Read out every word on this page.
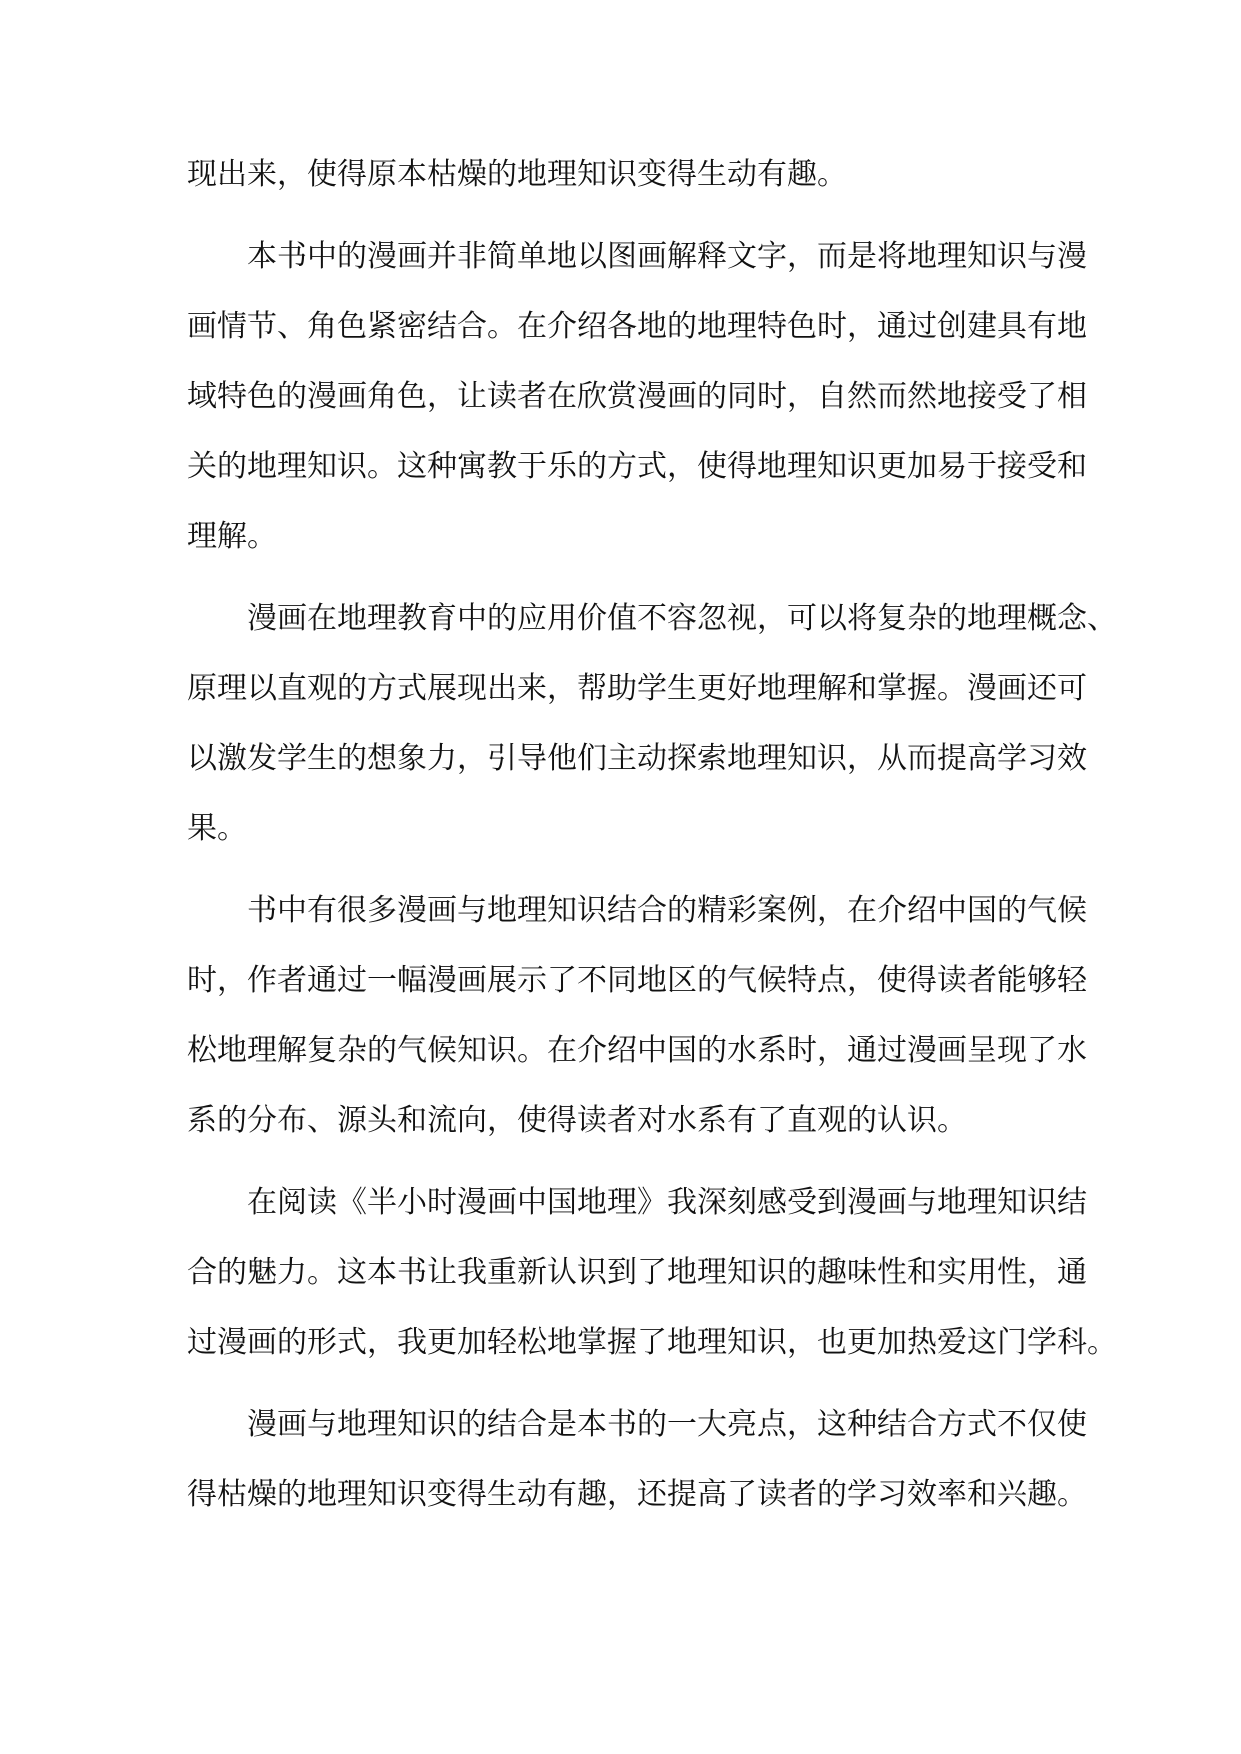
现出来，使得原本枯燥的地理知识变得生动有趣。
本书中的漫画并非简单地以图画解释文字，而是将地理知识与漫
画情节、角色紧密结合。在介绍各地的地理特色时，通过创建具有地
域特色的漫画角色，让读者在欣赏漫画的同时，自然而然地接受了相
关的地理知识。这种寓教于乐的方式，使得地理知识更加易于接受和
理解。
漫画在地理教育中的应用价值不容忽视，可以将复杂的地理概念、
原理以直观的方式展现出来，帮助学生更好地理解和掌握。漫画还可
以激发学生的想象力，引导他们主动探索地理知识，从而提高学习效
果。
书中有很多漫画与地理知识结合的精彩案例，在介绍中国的气候
时，作者通过一幅漫画展示了不同地区的气候特点，使得读者能够轻
松地理解复杂的气候知识。在介绍中国的水系时，通过漫画呈现了水
系的分布、源头和流向，使得读者对水系有了直观的认识。
在阅读《半小时漫画中国地理》我深刻感受到漫画与地理知识结
合的魅力。这本书让我重新认识到了地理知识的趣味性和实用性，通
过漫画的形式，我更加轻松地掌握了地理知识，也更加热爱这门学科。
漫画与地理知识的结合是本书的一大亮点，这种结合方式不仅使
得枯燥的地理知识变得生动有趣，还提高了读者的学习效率和兴趣。
